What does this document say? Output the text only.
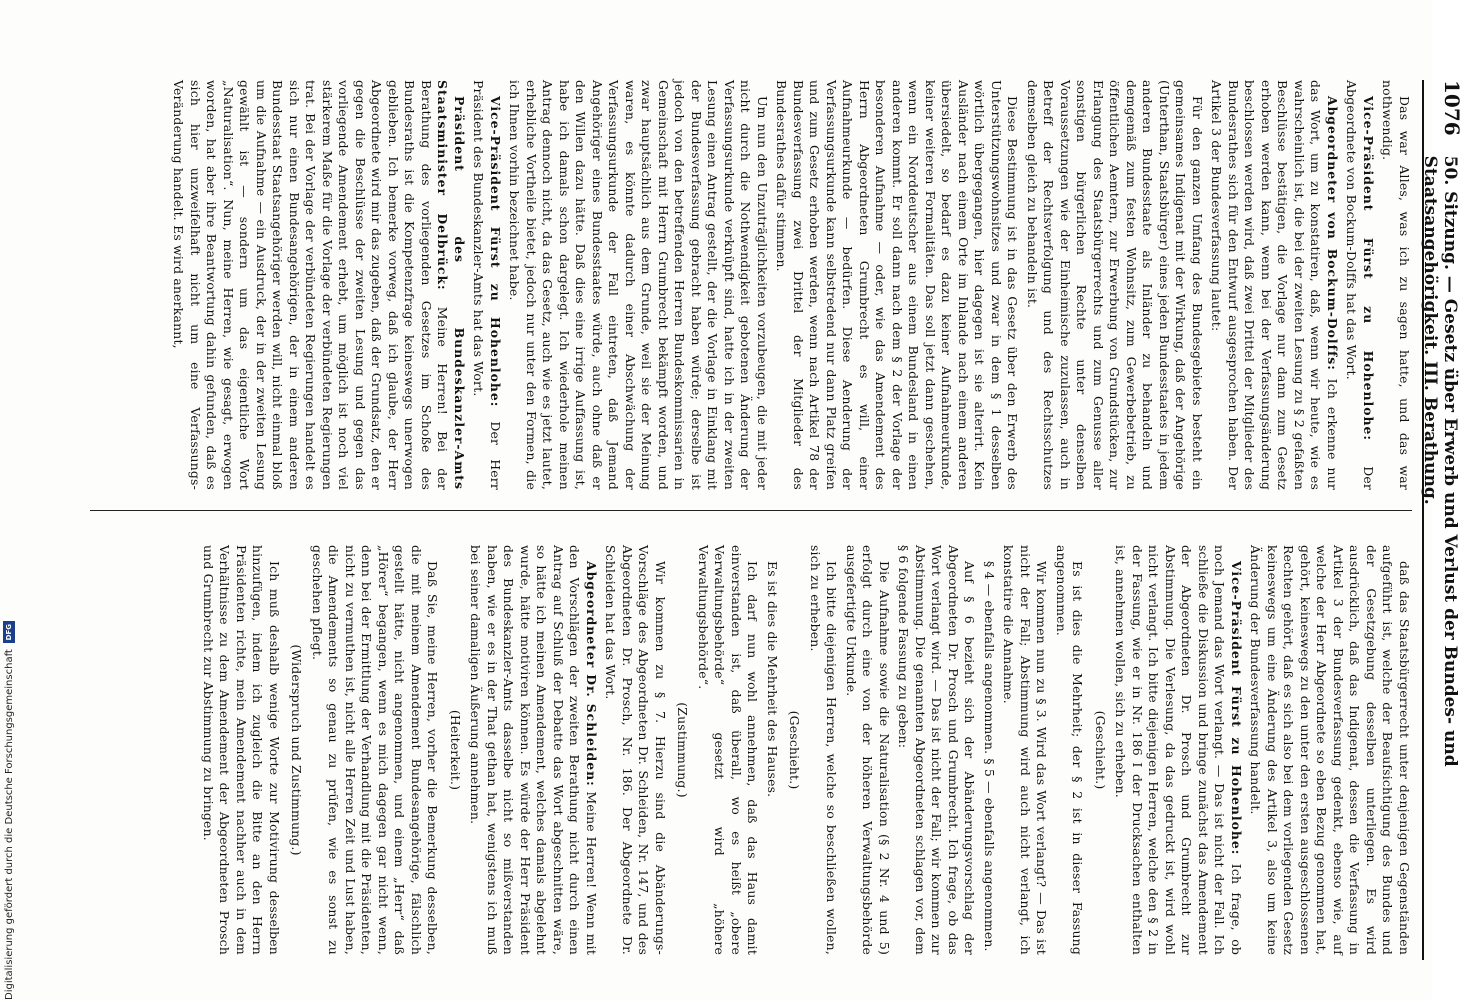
1076
50. Sitzung. — Gesetz über Erwerb und Verlust der Bundes- und Staatsangehörigkeit. III. Berathung.

Das war Alles, was ich zu sagen hatte, und das war nothwendig.

Vice-Präsident Fürst zu Hohenlohe: Der Abgeordnete von Bockum-Dolffs hat das Wort.

Abgeordneter von Bockum-Dolffs: Ich erkenne nur das Wort, um zu konstatiren, daß, wenn wir heute, wie es wahrscheinlich ist, die bei der zweiten Lesung zu § 2 gefaßten Beschlüsse bestätigen, die Vorlage nur dann zum Gesetz erhoben werden kann, wenn bei der Verfassungsänderung beschlossen werden wird, daß zwei Drittel der Mitglieder des Bundesrathes sich für den Entwurf ausgesprochen haben. Der Artikel 3 der Bundesverfassung lautet:

Für den ganzen Umfang des Bundesgebietes besteht ein gemeinsames Indigenat mit der Wirkung, daß der Angehörige (Unterthan, Staatsbürger) eines jeden Bundesstaates in jedem anderen Bundesstaate als Inländer zu behandeln und demgemäß zum festen Wohnsitz, zum Gewerbebetrieb, zu öffentlichen Aemtern, zur Erwerbung von Grundstücken, zur Erlangung des Staatsbürgerrechts und zum Genusse aller sonstigen bürgerlichen Rechte unter denselben Voraussetzungen wie der Einheimische zuzulassen, auch in Betreff der Rechtsverfolgung und des Rechtsschutzes demselben gleich zu behandeln ist.

Diese Bestimmung ist in das Gesetz über den Erwerb des Unterstützungswohnsitzes und zwar in dem § 1 desselben wörtlich übergegangen, hier dagegen ist sie alterirt. Kein Ausländer nach einem Orte im Inlande nach einem anderen übersiedelt, so bedarf es dazu keiner Aufnahmeurkunde, keiner weiteren Formalitäten. Das soll jetzt dann geschehen, wenn ein Norddeutscher aus einem Bundesland in einen anderen kommt. Er soll dann nach dem § 2 der Vorlage der besonderen Aufnahme — oder, wie das Amendement des Herrn Abgeordneten Grumbrecht es will, einer Aufnahmeurkunde — bedürfen. Diese Aenderung der Verfassungsurkunde kann selbstredend nur dann Platz greifen und zum Gesetz erhoben werden, wenn nach Artikel 78 der Bundesverfassung zwei Drittel der Mitglieder des Bundesrathes dafür stimmen.

Um nun den Unzuträglichkeiten vorzubeugen, die mit jeder nicht durch die Nothwendigkeit gebotenen Änderung der Verfassungsurkunde verknüpft sind, hatte ich in der zweiten Lesung einen Antrag gestellt, der die Vorlage in Einklang mit der Bundesverfassung gebracht haben würde; derselbe ist jedoch von den betreffenden Herren Bundeskommissarien in Gemeinschaft mit Herrn Grumbrecht bekämpft worden, und zwar hauptsächlich aus dem Grunde, weil sie der Meinung waren, es könnte dadurch einer Abschwächung der Verfassungsurkunde der Fall eintreten, daß Jemand Angehöriger eines Bundesstaates würde, auch ohne daß er den Willen dazu hätte. Daß dies eine irrige Auffassung ist, habe ich damals schon dargelegt. Ich wiederhole meinen Antrag dennoch nicht, da das Gesetz, auch wie es jetzt lautet, erhebliche Vortheile bietet, jedoch nur unter den Formen, die ich Ihnen vorhin bezeichnet habe.

Vice-Präsident Fürst zu Hohenlohe: Der Herr Präsident des Bundeskanzler-Amts hat das Wort.

Präsident des Bundeskanzler-Amts Staatsminister Delbrück: Meine Herren! Bei der Berathung des vorliegenden Gesetzes im Schoße des Bundesraths ist die Kompetenzfrage keineswegs unerwogen geblieben. Ich bemerke vorweg, daß ich glaube, der Herr Abgeordnete wird mir das zugeben, daß der Grundsatz, den er gegen die Beschlüsse der zweiten Lesung und gegen das vorliegende Amendement erhebt, um möglich ist noch viel stärkerem Maße für die Vorlage der verbündeten Regierungen trat. Bei der Vorlage der verbündeten Regierungen handelt es sich nur einen Bundesangehörigen, der in einem anderen Bundesstaat Staatsangehöriger werden will, nicht einmal bloß um die Aufnahme — ein Ausdruck, der in der zweiten Lesung gewählt ist — sondern um das eigentliche Wort „Naturalisation“. Nun, meine Herren, wie gesagt, erwogen worden, hat aber ihre Beantwortung dahin gefunden, daß es sich hier unzweifelhaft nicht um eine Verfassungs-Veränderung handelt. Es wird anerkannt,

daß das Staatsbürgerrecht unter denjenigen Gegenständen aufgeführt ist, welche der Beaufsichtigung des Bundes und der Gesetzgebung desselben unterliegen. Es wird ausdrücklich, daß das Indigenat, dessen die Verfassung in Artikel 3 der Bundesverfassung gedenkt, ebenso wie, auf welche der Herr Abgeordnete so eben Bezug genommen hat, gehört, keineswegs zu den unter den ersten ausgeschlossenen Rechten gehört, daß es sich also bei dem vorliegenden Gesetz keineswegs um eine Änderung des Artikel 3, also um keine Änderung der Bundesverfassung handelt.

Vice-Präsident Fürst zu Hohenlohe: Ich frage, ob noch Jemand das Wort verlangt. — Das ist nicht der Fall. Ich schließe die Diskussion und bringe zunächst das Amendement der Abgeordneten Dr. Prosch und Grumbrecht zur Abstimmung. Die Verlesung, da das gedruckt ist, wird wohl nicht verlangt. Ich bitte diejenigen Herren, welche den § 2 in der Fassung, wie er in Nr. 186 I der Drucksachen enthalten ist, annehmen wollen, sich zu erheben.

(Geschieht.)

Es ist dies die Mehrheit; der § 2 ist in dieser Fassung angenommen.

Wir kommen nun zu § 3. Wird das Wort verlangt? — Das ist nicht der Fall; Abstimmung wird auch nicht verlangt, ich konstatire die Annahme.

§ 4 — ebenfalls angenommen. § 5 — ebenfalls angenommen.

Auf § 6 bezieht sich der Abänderungsvorschlag der Abgeordneten Dr. Prosch und Grumbrecht. Ich frage, ob das Wort verlangt wird. — Das ist nicht der Fall; wir kommen zur Abstimmung. Die genannten Abgeordneten schlagen vor, dem § 6 folgende Fassung zu geben:

Die Aufnahme sowie die Naturalisation (§ 2 Nr. 4 und 5) erfolgt durch eine von der höheren Verwaltungsbehörde ausgefertigte Urkunde.

Ich bitte diejenigen Herren, welche so beschließen wollen, sich zu erheben.

(Geschieht.)

Es ist dies die Mehrheit des Hauses.

Ich darf nun wohl annehmen, daß das Haus damit einverstanden ist, daß überall, wo es heißt „obere Verwaltungsbehörde“ gesetzt wird „höhere Verwaltungsbehörde“.

(Zustimmung.)

Wir kommen zu § 7. Hierzu sind die Abänderungs-Vorschläge des Abgeordneten Dr. Schleiden, Nr. 147, und des Abgeordneten Dr. Prosch, Nr. 186. Der Abgeordnete Dr. Schleiden hat das Wort.

Abgeordneter Dr. Schleiden: Meine Herren! Wenn mit den Vorschlägen der zweiten Berathung nicht durch einen Antrag auf Schluß der Debatte das Wort abgeschnitten wäre, so hätte ich meinen Amendement, welches damals abgelehnt wurde, hätte motiviren können. Es würde der Herr Präsident des Bundeskanzler-Amts dasselbe nicht so mißverstanden haben, wie er es in der That gethan hat, wenigstens ich muß bei seiner damaligen Äußerung annehmen.

(Heiterkeit.)

Daß Sie, meine Herren, vorher die Bemerkung desselben, die mit meinem Amendement Bundesangehörige, fälschlich gestellt hätte, nicht angenommen, und einem „Herr“ daß „Hörer“ begangen, wenn es mich dagegen gar nicht wenn, denn bei der Ermittlung der Verhandlung mit die Präsidenten, nicht zu vermuthen ist, nicht alle Herren Zeit und Lust haben, die Amendements so genau zu prüfen, wie es sonst zu geschehen pflegt.

(Widerspruch und Zustimmung.)

Ich muß deshalb wenige Worte zur Motivirung desselben hinzufügen, indem ich zugleich die Bitte an den Herrn Präsidenten richte, mein Amendement nachher auch in dem Verhältnisse zu dem Amendement der Abgeordneten Prosch und Grumbrecht zur Abstimmung zu bringen.

Digitalisierung gefördert durch die Deutsche Forschungsgemeinschaft
DFG
